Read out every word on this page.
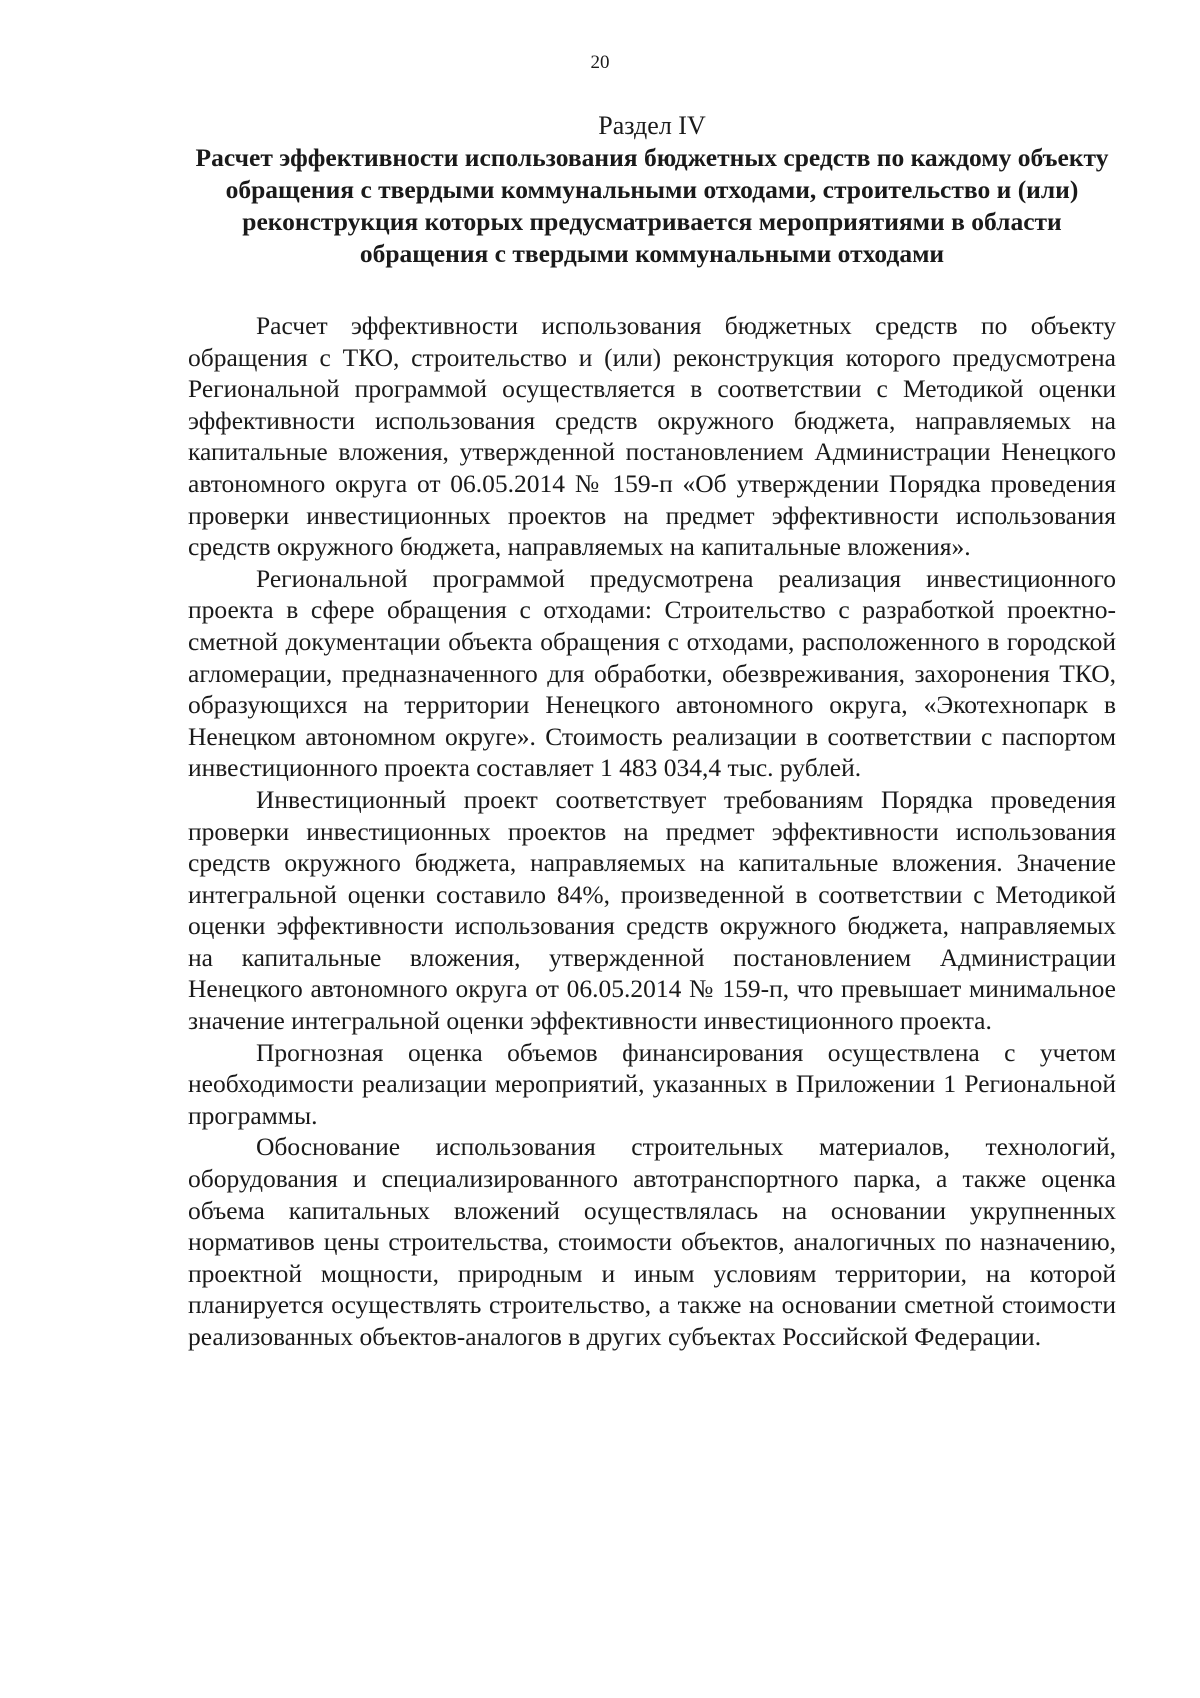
20

Раздел IV

Расчет эффективности использования бюджетных средств по каждому объекту обращения с твердыми коммунальными отходами, строительство и (или) реконструкция которых предусматривается мероприятиями в области обращения с твердыми коммунальными отходами

Расчет эффективности использования бюджетных средств по объекту обращения с ТКО, строительство и (или) реконструкция которого предусмотрена Региональной программой осуществляется в соответствии с Методикой оценки эффективности использования средств окружного бюджета, направляемых на капитальные вложения, утвержденной постановлением Администрации Ненецкого автономного округа от 06.05.2014 № 159-п «Об утверждении Порядка проведения проверки инвестиционных проектов на предмет эффективности использования средств окружного бюджета, направляемых на капитальные вложения».

Региональной программой предусмотрена реализация инвестиционного проекта в сфере обращения с отходами: Строительство с разработкой проектно-сметной документации объекта обращения с отходами, расположенного в городской агломерации, предназначенного для обработки, обезвреживания, захоронения ТКО, образующихся на территории Ненецкого автономного округа, «Экотехнопарк в Ненецком автономном округе». Стоимость реализации в соответствии с паспортом инвестиционного проекта составляет 1 483 034,4 тыс. рублей.

Инвестиционный проект соответствует требованиям Порядка проведения проверки инвестиционных проектов на предмет эффективности использования средств окружного бюджета, направляемых на капитальные вложения. Значение интегральной оценки составило 84%, произведенной в соответствии с Методикой оценки эффективности использования средств окружного бюджета, направляемых на капитальные вложения, утвержденной постановлением Администрации Ненецкого автономного округа от 06.05.2014 № 159-п, что превышает минимальное значение интегральной оценки эффективности инвестиционного проекта.

Прогнозная оценка объемов финансирования осуществлена с учетом необходимости реализации мероприятий, указанных в Приложении 1 Региональной программы.

Обоснование использования строительных материалов, технологий, оборудования и специализированного автотранспортного парка, а также оценка объема капитальных вложений осуществлялась на основании укрупненных нормативов цены строительства, стоимости объектов, аналогичных по назначению, проектной мощности, природным и иным условиям территории, на которой планируется осуществлять строительство, а также на основании сметной стоимости реализованных объектов-аналогов в других субъектах Российской Федерации.
